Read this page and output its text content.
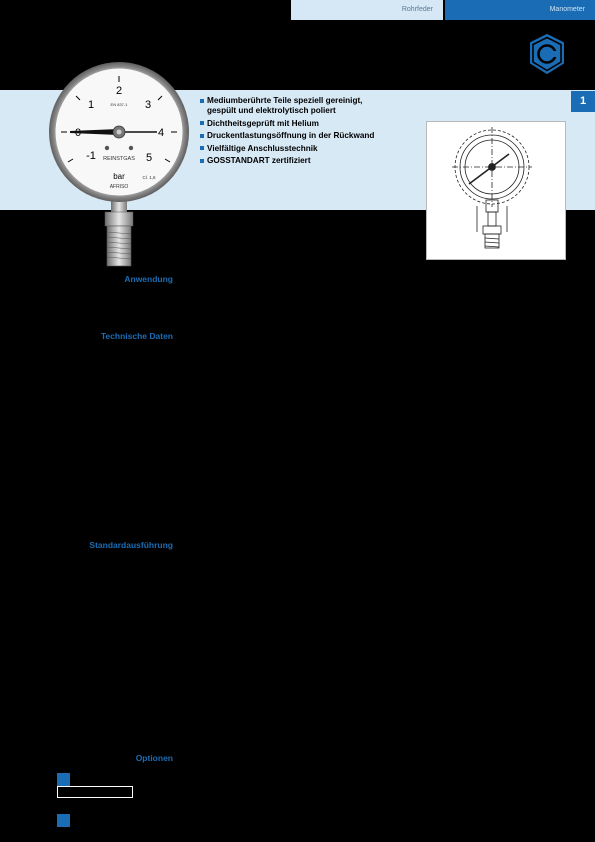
Rohrfeder	Manometer
1
-1
1
2
3
4
5
EN 837-1
REINSTGAS
bar	Cl. 1,6
AFRISO
Mediumberührte Teile speziell gereinigt,
gespült und elektrolytisch poliert
Dichtheitsgeprüft mit Helium
Druckentlastungsöffnung in der Rückwand
Vielfältige Anschlusstechnik
GOSSTANDART zertifiziert
Anwendung
Technische Daten
Standardausführung
Optionen
